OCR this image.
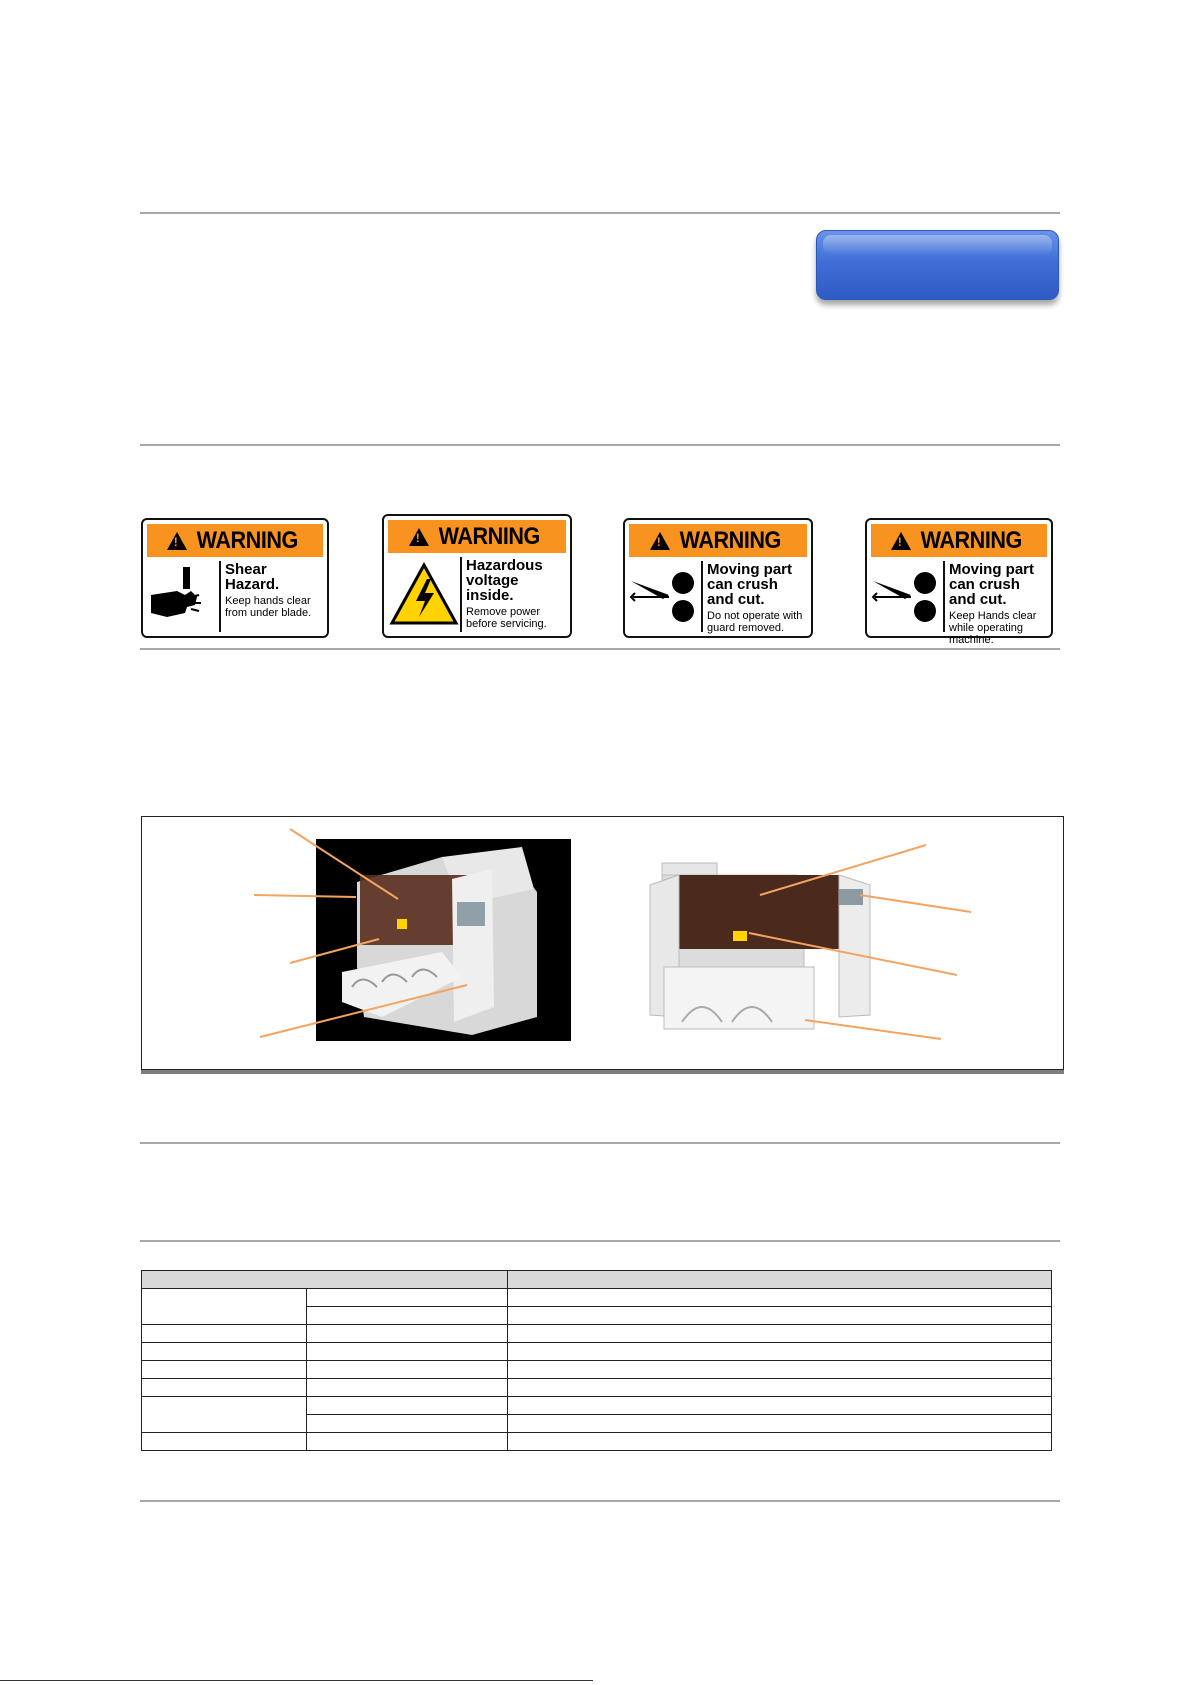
!
WARNING
Shear Hazard.
Keep hands clear from under blade.
!
WARNING
Hazardous voltage inside.
Remove power before servicing.
!
WARNING
Moving part can crush and cut.
Do not operate with guard removed.
!
WARNING
Moving part can crush and cut.
Keep Hands clear while operating machine.
